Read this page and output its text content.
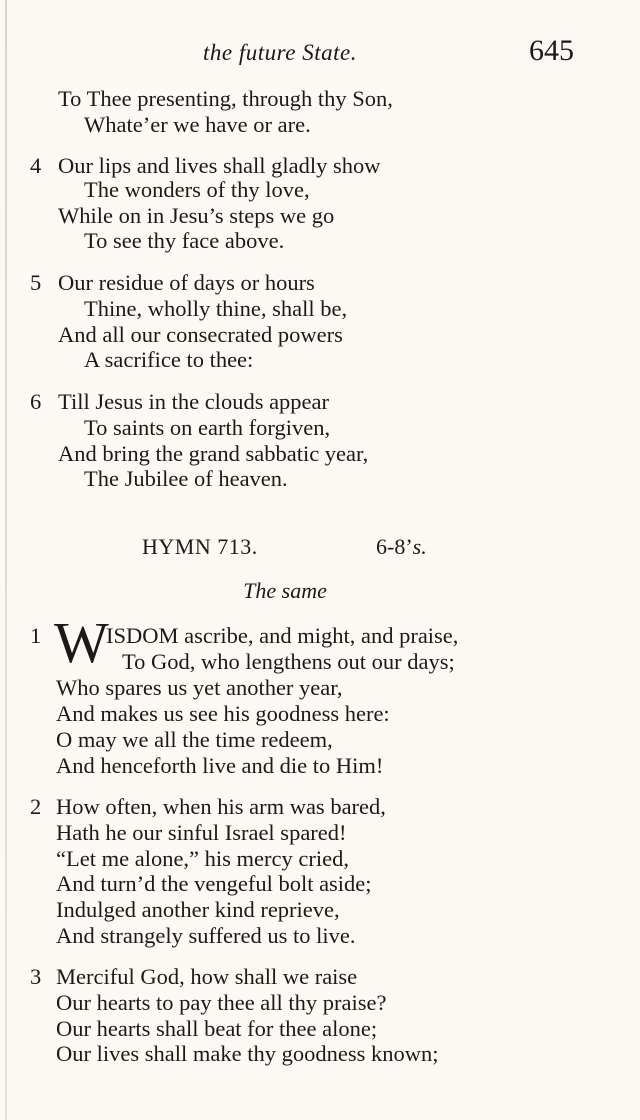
the future State.	645
To Thee presenting, through thy Son,
Whate’er we have or are.
4 Our lips and lives shall gladly show
The wonders of thy love,
While on in Jesu’s steps we go
To see thy face above.
5 Our residue of days or hours
Thine, wholly thine, shall be,
And all our consecrated powers
A sacrifice to thee:
6 Till Jesus in the clouds appear
To saints on earth forgiven,
And bring the grand sabbatic year,
The Jubilee of heaven.
HYMN 713.	6-8’s.
The same
1 W
ISDOM ascribe, and might, and praise,
To God, who lengthens out our days;
Who spares us yet another year,
And makes us see his goodness here:
O may we all the time redeem,
And henceforth live and die to Him!
2 How often, when his arm was bared,
Hath he our sinful Israel spared!
“Let me alone,” his mercy cried,
And turn’d the vengeful bolt aside;
Indulged another kind reprieve,
And strangely suffered us to live.
3 Merciful God, how shall we raise
Our hearts to pay thee all thy praise?
Our hearts shall beat for thee alone;
Our lives shall make thy goodness known;
